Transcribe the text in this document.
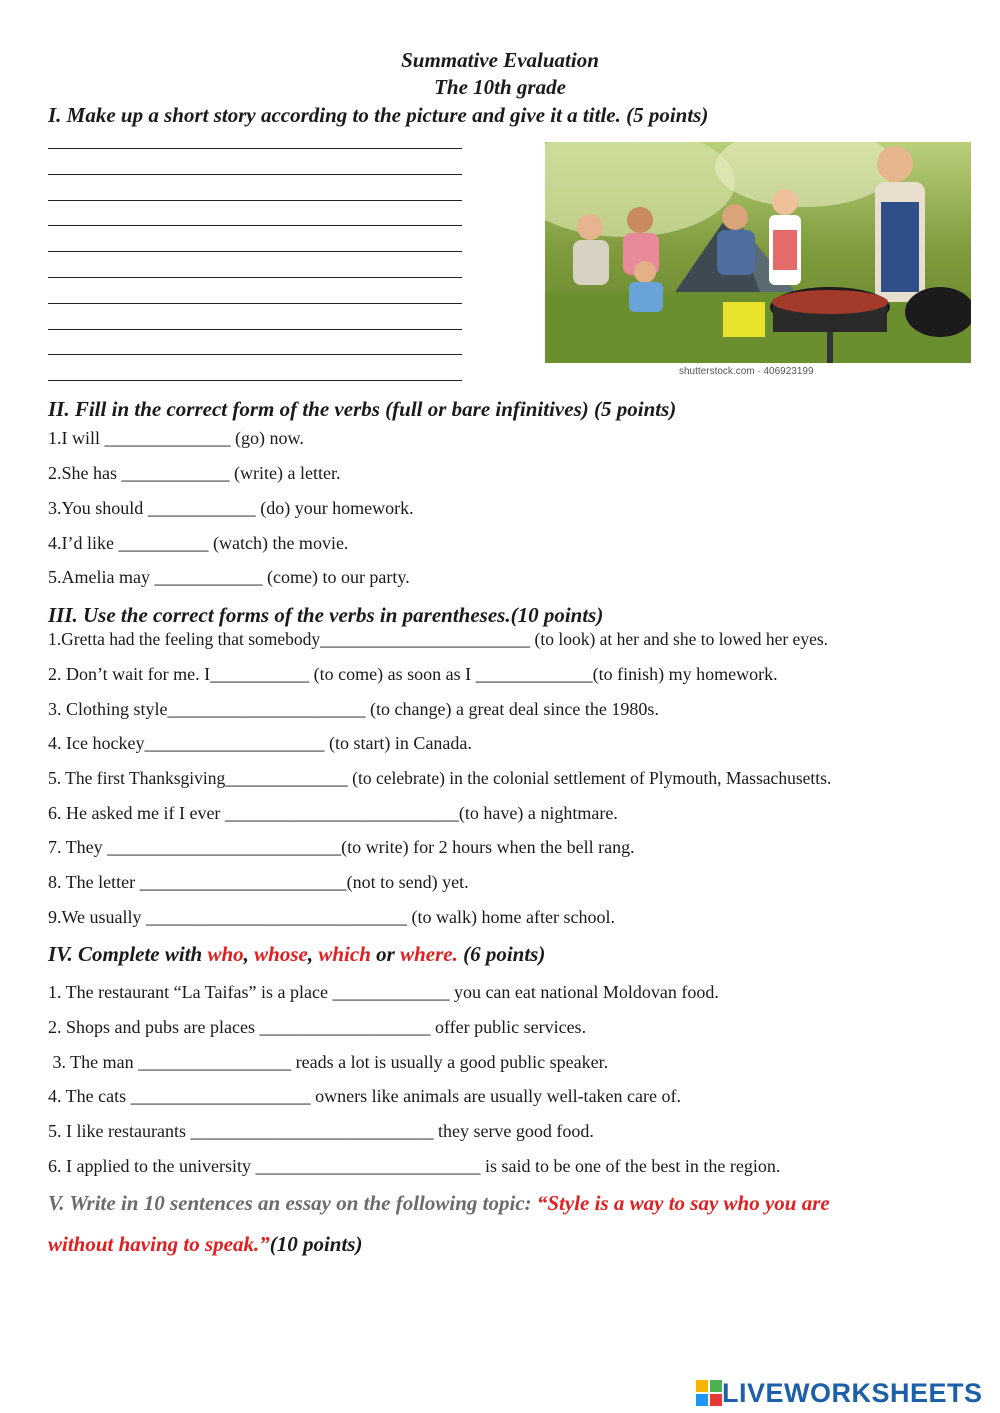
Summative Evaluation
The 10th grade
I. Make up a short story according to the picture and give it a title. (5 points)
shutterstock.com · 406923199
II. Fill in the correct form of the verbs (full or bare infinitives) (5 points)
1.I will ______________ (go) now.
2.She has ____________ (write) a letter.
3.You should ____________ (do) your homework.
4.I’d like __________ (watch) the movie.
5.Amelia may ____________ (come) to our party.
III. Use the correct forms of the verbs in parentheses.(10 points)
1.Gretta had the feeling that somebody________________________ (to look) at her and she to lowed her eyes.
2. Don’t wait for me. I___________ (to come) as soon as I _____________(to finish) my homework.
3. Clothing style______________________ (to change) a great deal since the 1980s.
4. Ice hockey____________________ (to start) in Canada.
5. The first Thanksgiving______________ (to celebrate) in the colonial settlement of Plymouth, Massachusetts.
6. He asked me if I ever __________________________(to have) a nightmare.
7. They __________________________(to write) for 2 hours when the bell rang.
8. The letter _______________________(not to send) yet.
9.We usually _____________________________ (to walk) home after school.
IV. Complete with who, whose, which or where. (6 points)
1. The restaurant “La Taifas” is a place _____________ you can eat national Moldovan food.
2. Shops and pubs are places ___________________ offer public services.
3. The man _________________ reads a lot is usually a good public speaker.
4. The cats ____________________ owners like animals are usually well-taken care of.
5. I like restaurants ___________________________ they serve good food.
6. I applied to the university _________________________ is said to be one of the best in the region.
V. Write in 10 sentences an essay on the following topic: “Style is a way to say who you are
without having to speak.”(10 points)
LIVEWORKSHEETS
